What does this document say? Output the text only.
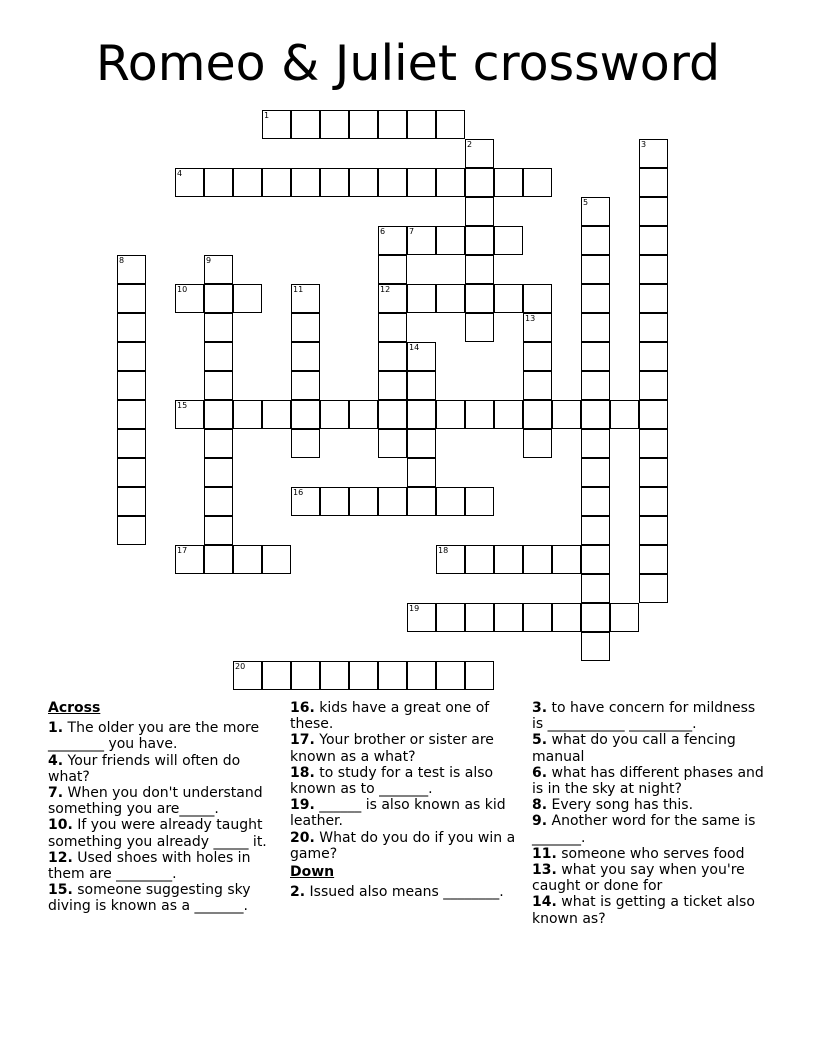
Romeo & Juliet crossword
1
2	3
4
5
6	7
8	9
10	11	12
13
14
15
16
17	18
19
20
Across
1. The older you are the more ________ you have.
4. Your friends will often do what?
7. When you don't understand something you are_____.
10. If you were already taught something you already _____ it.
12. Used shoes with holes in them are ________.
15. someone suggesting sky diving is known as a _______.
16. kids have a great one of these.
17. Your brother or sister are known as a what?
18. to study for a test is also known as to _______.
19. ______ is also known as kid leather.
20. What do you do if you win a game?
Down
2. Issued also means ________.
3. to have concern for mildness is ___________ _________.
5. what do you call a fencing manual
6. what has different phases and is in the sky at night?
8. Every song has this.
9. Another word for the same is _______.
11. someone who serves food
13. what you say when you're caught or done for
14. what is getting a ticket also known as?
